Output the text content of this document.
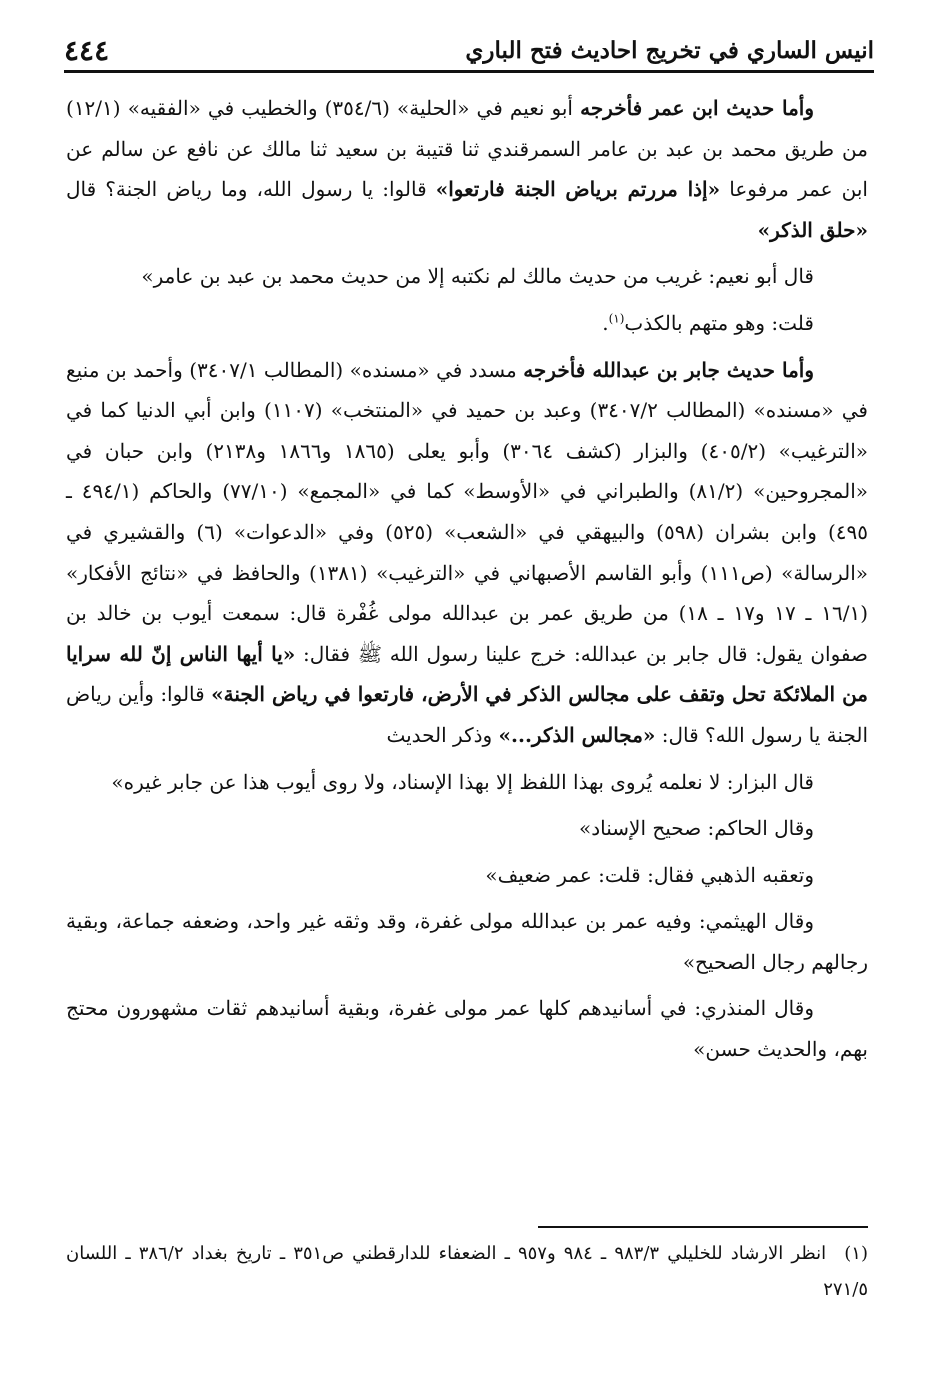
انيس الساري في تخريج احاديث فتح الباري
٤٤٤

وأما حديث ابن عمر فأخرجه أبو نعيم في «الحلية» (٦/‏٣٥٤) والخطيب في «الفقيه» (١/‏١٢) من طريق محمد بن عبد بن عامر السمرقندي ثنا قتيبة بن سعيد ثنا مالك عن نافع عن سالم عن ابن عمر مرفوعا «إذا مررتم برياض الجنة فارتعوا» قالوا: يا رسول الله، وما رياض الجنة؟ قال «حلق الذكر»

قال أبو نعيم: غريب من حديث مالك لم نكتبه إلا من حديث محمد بن عبد بن عامر»

قلت: وهو متهم بالكذب$^{(١)}$.

وأما حديث جابر بن عبدالله فأخرجه مسدد في «مسنده» (المطالب ١/‏٣٤٠٧) وأحمد بن منيع في «مسنده» (المطالب ٢/‏٣٤٠٧) وعبد بن حميد في «المنتخب» (١١٠٧) وابن أبي الدنيا كما في «الترغيب» (٢/‏٤٠٥) والبزار (كشف ٣٠٦٤) وأبو يعلى (١٨٦٥ و١٨٦٦ و٢١٣٨) وابن حبان في «المجروحين» (٢/‏٨١) والطبراني في «الأوسط» كما في «المجمع» (١٠/‏٧٧) والحاكم (١/‏٤٩٤ ـ ٤٩٥) وابن بشران (٥٩٨) والبيهقي في «الشعب» (٥٢٥) وفي «الدعوات» (٦) والقشيري في «الرسالة» (ص١١١) وأبو القاسم الأصبهاني في «الترغيب» (١٣٨١) والحافظ في «نتائج الأفكار» (١/‏١٦ ـ ١٧ و١٧ ـ ١٨) من طريق عمر بن عبدالله مولى غُفْرة قال: سمعت أيوب بن خالد بن صفوان يقول: قال جابر بن عبدالله: خرج علينا رسول الله ﷺ فقال: «يا أيها الناس إنّ لله سرايا من الملائكة تحل وتقف على مجالس الذكر في الأرض، فارتعوا في رياض الجنة» قالوا: وأين رياض الجنة يا رسول الله؟ قال: «مجالس الذكر...» وذكر الحديث

قال البزار: لا نعلمه يُروى بهذا اللفظ إلا بهذا الإسناد، ولا روى أيوب هذا عن جابر غيره»

وقال الحاكم: صحيح الإسناد»

وتعقبه الذهبي فقال: قلت: عمر ضعيف»

وقال الهيثمي: وفيه عمر بن عبدالله مولى غفرة، وقد وثقه غير واحد، وضعفه جماعة، وبقية رجالهم رجال الصحيح»

وقال المنذري: في أسانيدهم كلها عمر مولى غفرة، وبقية أسانيدهم ثقات مشهورون محتج بهم، والحديث حسن»

(١) انظر الارشاد للخليلي ٣/‏٩٨٣ ـ ٩٨٤ و٩٥٧ ـ الضعفاء للدارقطني ص٣٥١ ـ تاريخ بغداد ٢/‏٣٨٦ ـ اللسان ٥/‏٢٧١
